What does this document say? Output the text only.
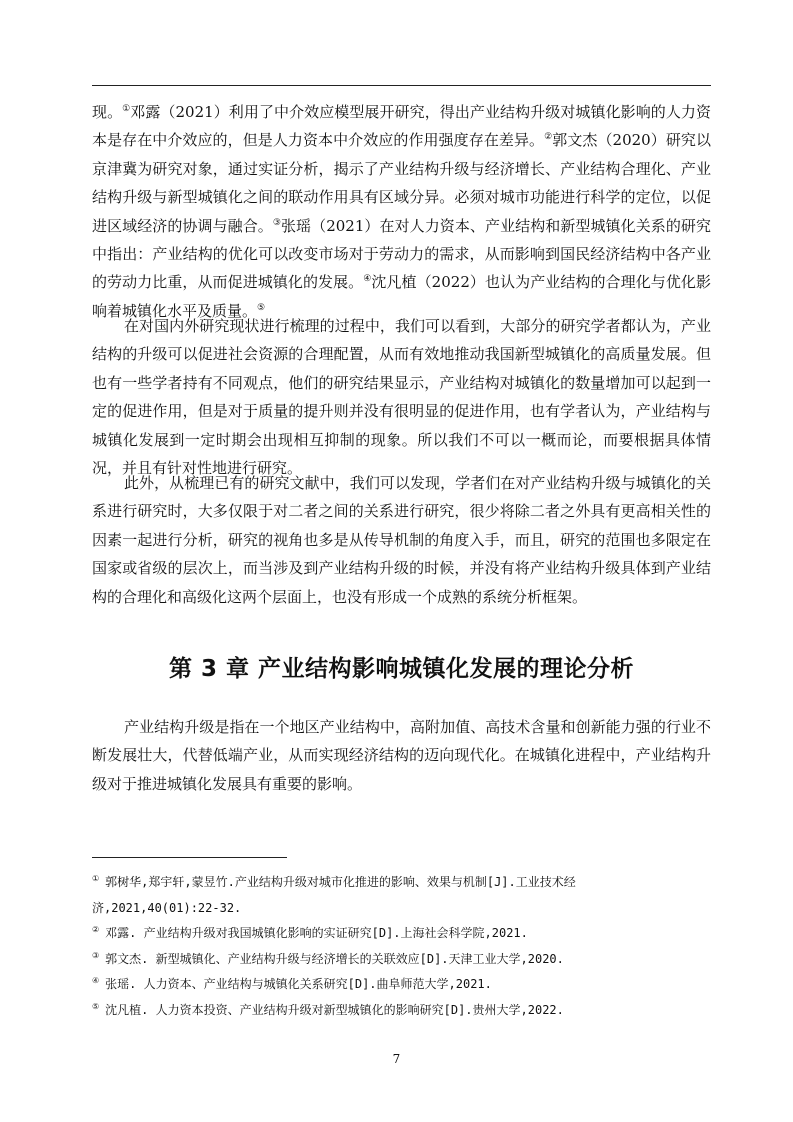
现。①邓露（2021）利用了中介效应模型展开研究，得出产业结构升级对城镇化影响的人力资本是存在中介效应的，但是人力资本中介效应的作用强度存在差异。②郭文杰（2020）研究以京津冀为研究对象，通过实证分析，揭示了产业结构升级与经济增长、产业结构合理化、产业结构升级与新型城镇化之间的联动作用具有区域分异。必须对城市功能进行科学的定位，以促进区域经济的协调与融合。③张瑶（2021）在对人力资本、产业结构和新型城镇化关系的研究中指出：产业结构的优化可以改变市场对于劳动力的需求，从而影响到国民经济结构中各产业的劳动力比重，从而促进城镇化的发展。④沈凡植（2022）也认为产业结构的合理化与优化影响着城镇化水平及质量。⑤

在对国内外研究现状进行梳理的过程中，我们可以看到，大部分的研究学者都认为，产业结构的升级可以促进社会资源的合理配置，从而有效地推动我国新型城镇化的高质量发展。但也有一些学者持有不同观点，他们的研究结果显示，产业结构对城镇化的数量增加可以起到一定的促进作用，但是对于质量的提升则并没有很明显的促进作用，也有学者认为，产业结构与城镇化发展到一定时期会出现相互抑制的现象。所以我们不可以一概而论，而要根据具体情况，并且有针对性地进行研究。

此外，从梳理已有的研究文献中，我们可以发现，学者们在对产业结构升级与城镇化的关系进行研究时，大多仅限于对二者之间的关系进行研究，很少将除二者之外具有更高相关性的因素一起进行分析，研究的视角也多是从传导机制的角度入手，而且，研究的范围也多限定在国家或省级的层次上，而当涉及到产业结构升级的时候，并没有将产业结构升级具体到产业结构的合理化和高级化这两个层面上，也没有形成一个成熟的系统分析框架。

第 3 章 产业结构影响城镇化发展的理论分析

产业结构升级是指在一个地区产业结构中，高附加值、高技术含量和创新能力强的行业不断发展壮大，代替低端产业，从而实现经济结构的迈向现代化。在城镇化进程中，产业结构升级对于推进城镇化发展具有重要的影响。

① 郭树华,郑宇轩,蒙昱竹.产业结构升级对城市化推进的影响、效果与机制[J].工业技术经
济,2021,40(01):22-32.
② 邓露. 产业结构升级对我国城镇化影响的实证研究[D].上海社会科学院,2021.
③ 郭文杰. 新型城镇化、产业结构升级与经济增长的关联效应[D].天津工业大学,2020.
④ 张瑶. 人力资本、产业结构与城镇化关系研究[D].曲阜师范大学,2021.
⑤ 沈凡植. 人力资本投资、产业结构升级对新型城镇化的影响研究[D].贵州大学,2022.
7
